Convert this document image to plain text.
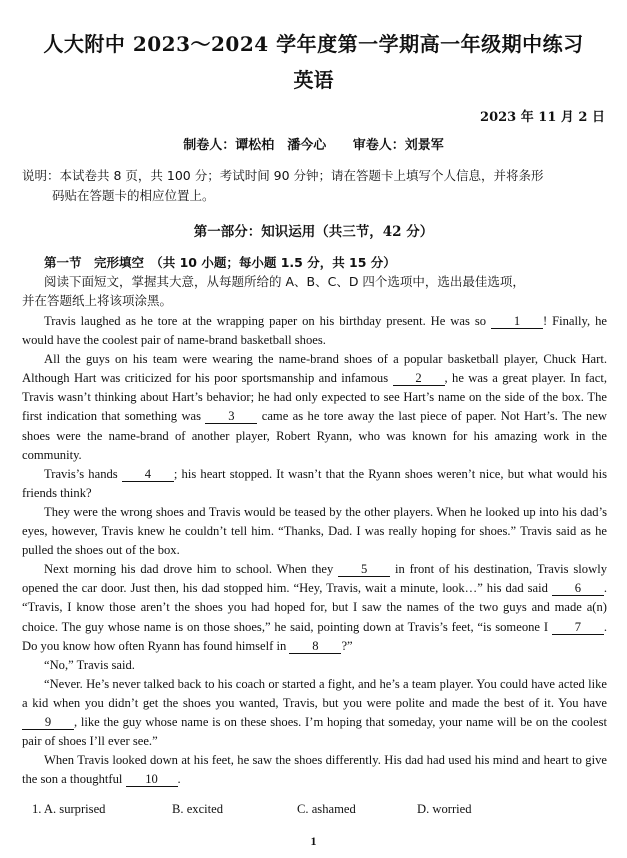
人大附中 2023～2024 学年度第一学期高一年级期中练习
英语
2023 年 11 月 2 日
制卷人：谭松柏　潘今心 审卷人：刘景军
说明：本试卷共 8 页，共 100 分；考试时间 90 分钟；请在答题卡上填写个人信息，并将条形
码贴在答题卡的相应位置上。
第一部分：知识运用（共三节，42 分）
第一节　完形填空　（共 10 小题；每小题 1.5 分，共 15 分）
阅读下面短文，掌握其大意，从每题所给的 A、B、C、D 四个选项中，选出最佳选项，
并在答题纸上将该项涂黑。

Travis laughed as he tore at the wrapping paper on his birthday present. He was so 1 ! Finally, he would have the coolest pair of name-brand basketball shoes.

All the guys on his team were wearing the name-brand shoes of a popular basketball player, Chuck Hart. Although Hart was criticized for his poor sportsmanship and infamous 2 , he was a great player. In fact, Travis wasn’t thinking about Hart’s behavior; he had only expected to see Hart’s name on the side of the box. The first indication that something was 3 came as he tore away the last piece of paper. Not Hart’s. The new shoes were the name-brand of another player, Robert Ryann, who was known for his amazing work in the community.

Travis’s hands 4 ; his heart stopped. It wasn’t that the Ryann shoes weren’t nice, but what would his friends think?

They were the wrong shoes and Travis would be teased by the other players. When he looked up into his dad’s eyes, however, Travis knew he couldn’t tell him. “Thanks, Dad. I was really hoping for shoes.” Travis said as he pulled the shoes out of the box.

Next morning his dad drove him to school. When they 5 in front of his destination, Travis slowly opened the car door. Just then, his dad stopped him. “Hey, Travis, wait a minute, look…” his dad said 6 . “Travis, I know those aren’t the shoes you had hoped for, but I saw the names of the two guys and made a(n) choice. The guy whose name is on those shoes,” he said, pointing down at Travis’s feet, “is someone I 7 . Do you know how often Ryann has found himself in 8 ?”

“No,” Travis said.

“Never. He’s never talked back to his coach or started a fight, and he’s a team player. You could have acted like a kid when you didn’t get the shoes you wanted, Travis, but you were polite and made the best of it. You have 9 , like the guy whose name is on these shoes. I’m hoping that someday, your name will be on the coolest pair of shoes I’ll ever see.”

When Travis looked down at his feet, he saw the shoes differently. His dad had used his mind and heart to give the son a thoughtful 10 .

1. A. surprised	B. excited	C. ashamed	D. worried
1
